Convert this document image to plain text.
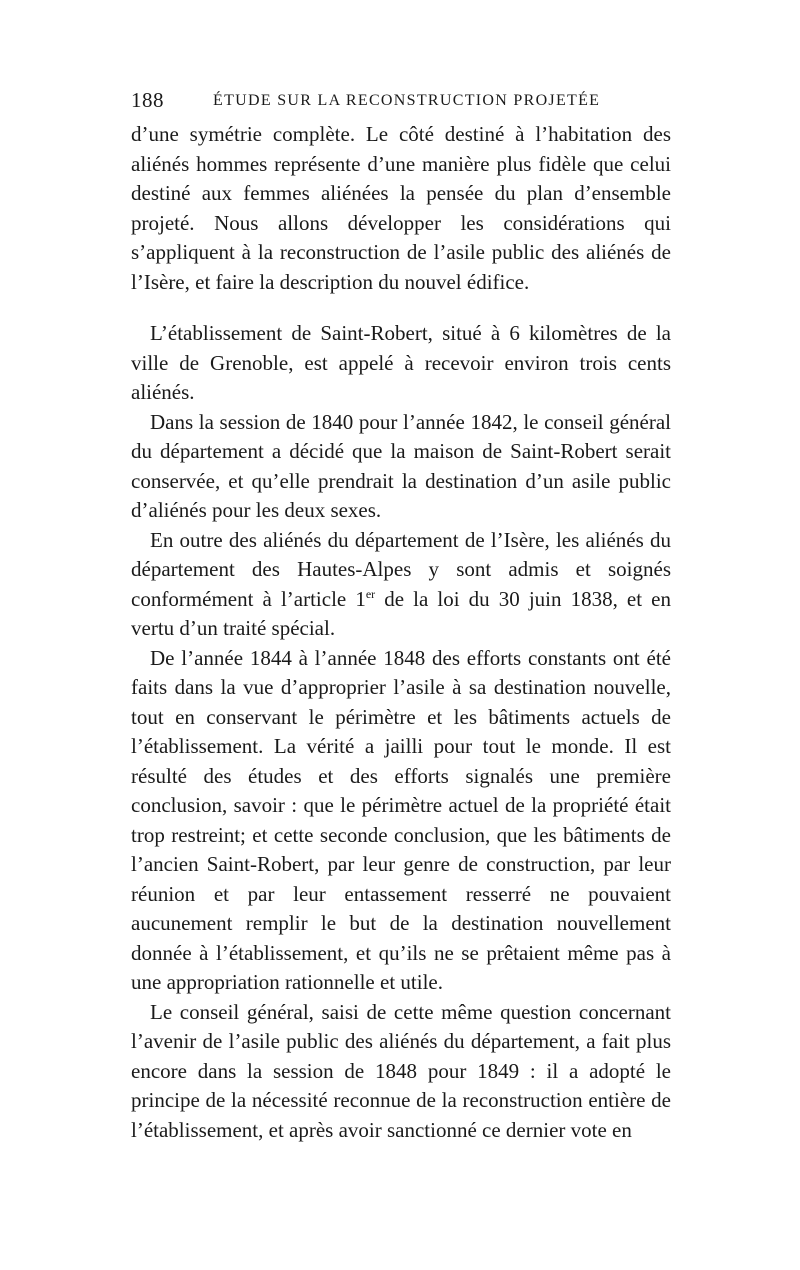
188	ÉTUDE SUR LA RECONSTRUCTION PROJETÉE

d’une symétrie complète. Le côté destiné à l’habitation des aliénés hommes représente d’une manière plus fidèle que celui destiné aux femmes aliénées la pensée du plan d’ensemble projeté. Nous allons développer les considérations qui s’appliquent à la reconstruction de l’asile public des aliénés de l’Isère, et faire la description du nouvel édifice.

L’établissement de Saint-Robert, situé à 6 kilomètres de la ville de Grenoble, est appelé à recevoir environ trois cents aliénés.

Dans la session de 1840 pour l’année 1842, le conseil général du département a décidé que la maison de Saint-Robert serait conservée, et qu’elle prendrait la destination d’un asile public d’aliénés pour les deux sexes.

En outre des aliénés du département de l’Isère, les aliénés du département des Hautes-Alpes y sont admis et soignés conformément à l’article 1er de la loi du 30 juin 1838, et en vertu d’un traité spécial.

De l’année 1844 à l’année 1848 des efforts constants ont été faits dans la vue d’approprier l’asile à sa destination nouvelle, tout en conservant le périmètre et les bâtiments actuels de l’établissement. La vérité a jailli pour tout le monde. Il est résulté des études et des efforts signalés une première conclusion, savoir : que le périmètre actuel de la propriété était trop restreint; et cette seconde conclusion, que les bâtiments de l’ancien Saint-Robert, par leur genre de construction, par leur réunion et par leur entassement resserré ne pouvaient aucunement remplir le but de la destination nouvellement donnée à l’établissement, et qu’ils ne se prêtaient même pas à une appropriation rationnelle et utile.

Le conseil général, saisi de cette même question concernant l’avenir de l’asile public des aliénés du département, a fait plus encore dans la session de 1848 pour 1849 : il a adopté le principe de la nécessité reconnue de la reconstruction entière de l’établissement, et après avoir sanctionné ce dernier vote en
